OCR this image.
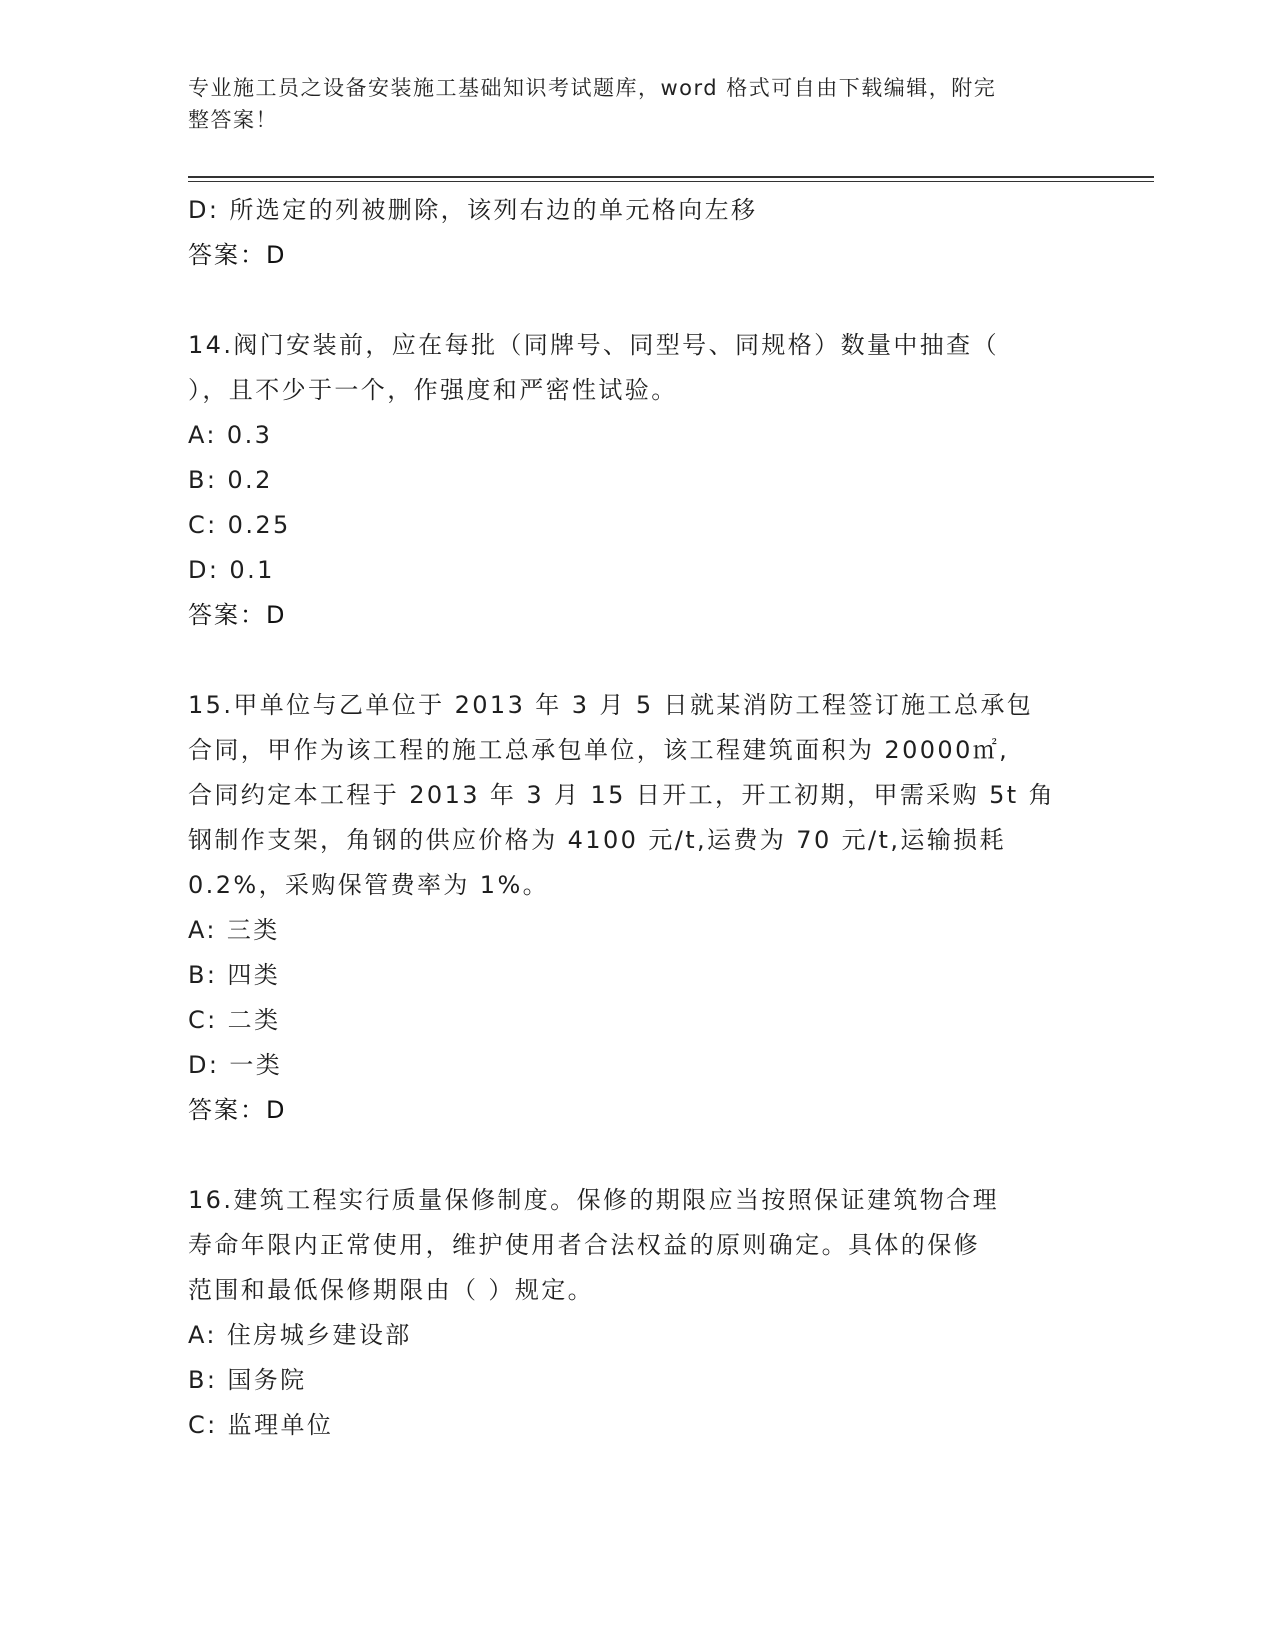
专业施工员之设备安装施工基础知识考试题库，word 格式可自由下载编辑，附完
整答案！
D: 所选定的列被删除，该列右边的单元格向左移
答案：D
14.阀门安装前，应在每批（同牌号、同型号、同规格）数量中抽查（
），且不少于一个，作强度和严密性试验。
A: 0.3
B: 0.2
C: 0.25
D: 0.1
答案：D
15.甲单位与乙单位于 2013 年 3 月 5 日就某消防工程签订施工总承包
合同，甲作为该工程的施工总承包单位，该工程建筑面积为 20000㎡,
合同约定本工程于 2013 年 3 月 15 日开工，开工初期，甲需采购 5t 角
钢制作支架，角钢的供应价格为 4100 元/t,运费为 70 元/t,运输损耗
0.2%，采购保管费率为 1%。
A: 三类
B: 四类
C: 二类
D: 一类
答案：D
16.建筑工程实行质量保修制度。保修的期限应当按照保证建筑物合理
寿命年限内正常使用，维护使用者合法权益的原则确定。具体的保修
范围和最低保修期限由（ ）规定。
A: 住房城乡建设部
B: 国务院
C: 监理单位
